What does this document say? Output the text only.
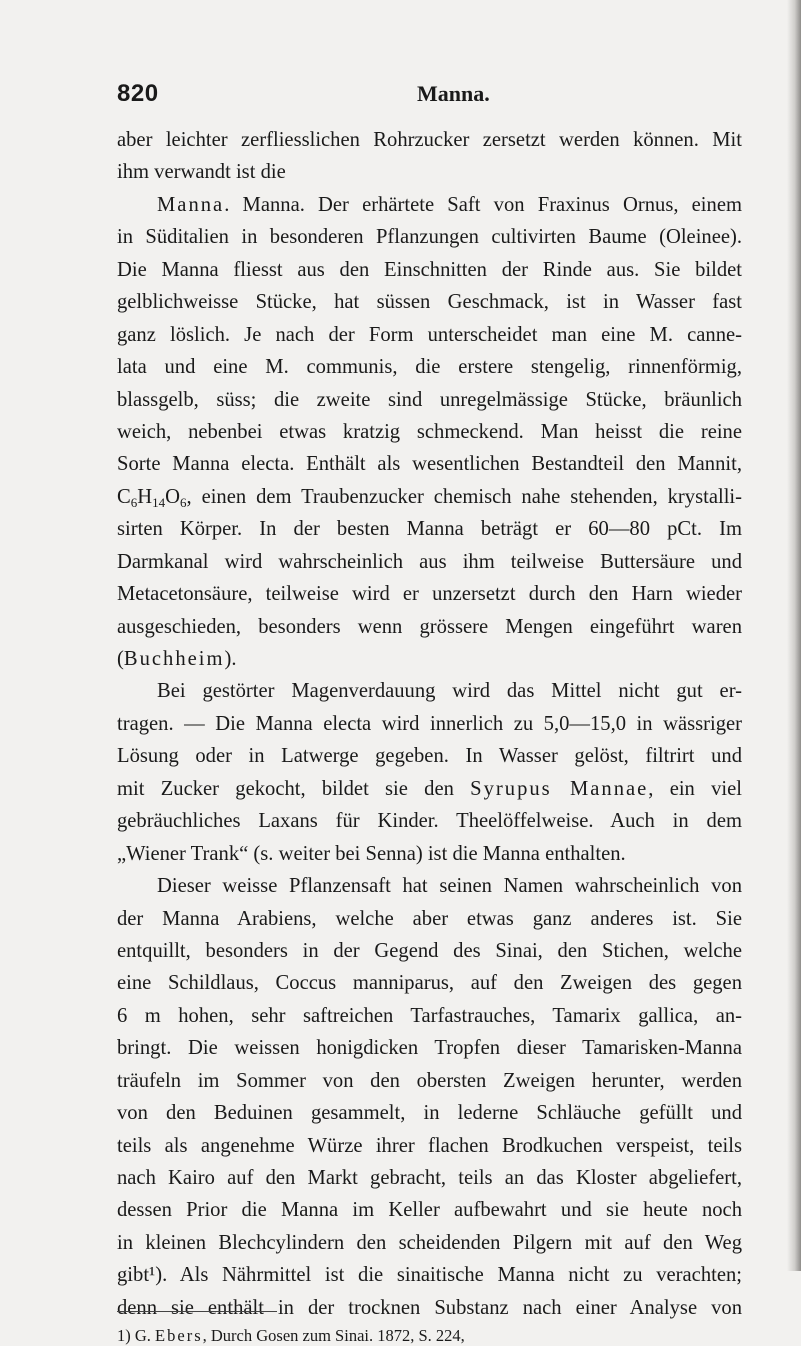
820	Manna.
aber leichter zerfliesslichen Rohrzucker zersetzt werden können. Mit
ihm verwandt ist die
Manna. Manna. Der erhärtete Saft von Fraxinus Ornus, einem
in Süditalien in besonderen Pflanzungen cultivirten Baume (Oleinee).
Die Manna fliesst aus den Einschnitten der Rinde aus. Sie bildet
gelblichweisse Stücke, hat süssen Geschmack, ist in Wasser fast
ganz löslich. Je nach der Form unterscheidet man eine M. canne-
lata und eine M. communis, die erstere stengelig, rinnenförmig,
blassgelb, süss; die zweite sind unregelmässige Stücke, bräunlich
weich, nebenbei etwas kratzig schmeckend. Man heisst die reine
Sorte Manna electa. Enthält als wesentlichen Bestandteil den Mannit,
$C_6H_{14}O_6$, einen dem Traubenzucker chemisch nahe stehenden, krystalli-
sirten Körper. In der besten Manna beträgt er 60—80 pCt. Im
Darmkanal wird wahrscheinlich aus ihm teilweise Buttersäure und
Metacetonsäure, teilweise wird er unzersetzt durch den Harn wieder
ausgeschieden, besonders wenn grössere Mengen eingeführt waren
(Buchheim).
Bei gestörter Magenverdauung wird das Mittel nicht gut er-
tragen. — Die Manna electa wird innerlich zu 5,0—15,0 in wässriger
Lösung oder in Latwerge gegeben. In Wasser gelöst, filtrirt und
mit Zucker gekocht, bildet sie den Syrupus Mannae, ein viel
gebräuchliches Laxans für Kinder. Theelöffelweise. Auch in dem
„Wiener Trank“ (s. weiter bei Senna) ist die Manna enthalten.
Dieser weisse Pflanzensaft hat seinen Namen wahrscheinlich von
der Manna Arabiens, welche aber etwas ganz anderes ist. Sie
entquillt, besonders in der Gegend des Sinai, den Stichen, welche
eine Schildlaus, Coccus manniparus, auf den Zweigen des gegen
6 m hohen, sehr saftreichen Tarfastrauches, Tamarix gallica, an-
bringt. Die weissen honigdicken Tropfen dieser Tamarisken-Manna
träufeln im Sommer von den obersten Zweigen herunter, werden
von den Beduinen gesammelt, in lederne Schläuche gefüllt und
teils als angenehme Würze ihrer flachen Brodkuchen verspeist, teils
nach Kairo auf den Markt gebracht, teils an das Kloster abgeliefert,
dessen Prior die Manna im Keller aufbewahrt und sie heute noch
in kleinen Blechcylindern den scheidenden Pilgern mit auf den Weg
gibt¹). Als Nährmittel ist die sinaitische Manna nicht zu verachten;
denn sie enthält in der trocknen Substanz nach einer Analyse von
1) G. Ebers, Durch Gosen zum Sinai. 1872, S. 224,
